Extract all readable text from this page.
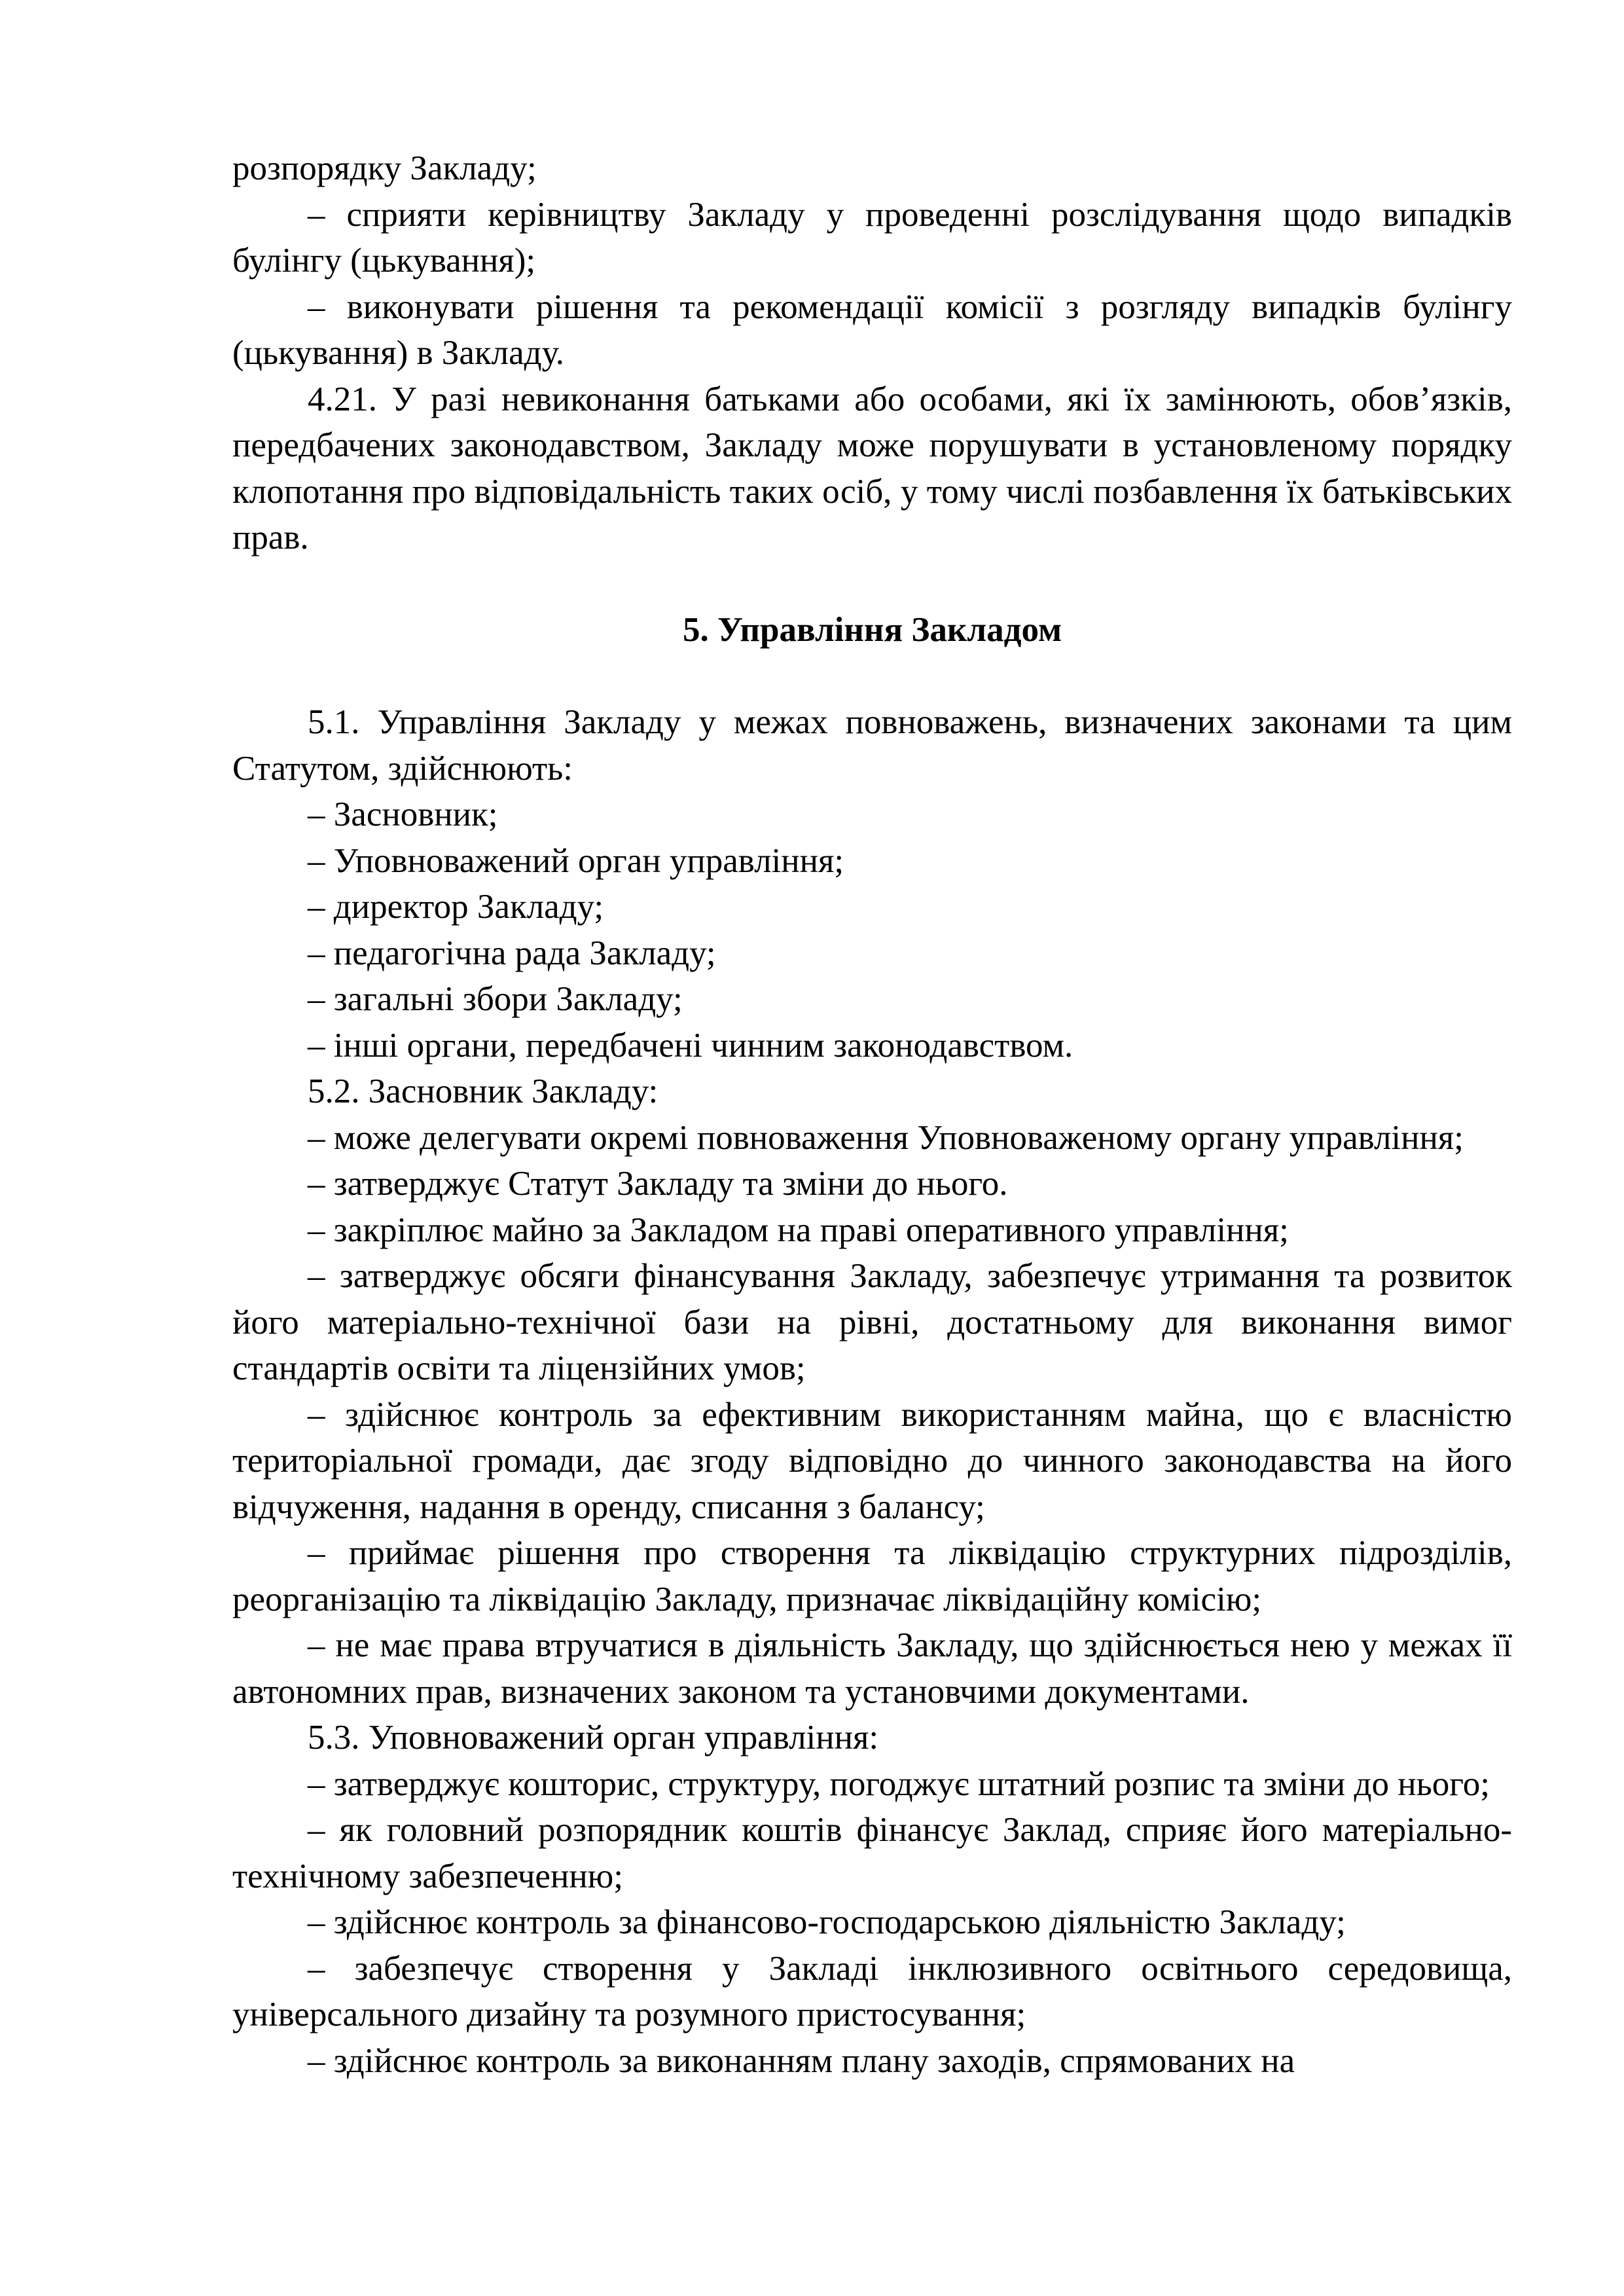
розпорядку Закладу;

– сприяти керівництву Закладу у проведенні розслідування щодо випадків булінгу (цькування);

– виконувати рішення та рекомендації комісії з розгляду випадків булінгу (цькування) в Закладу.

4.21. У разі невиконання батьками або особами, які їх замінюють, обов’язків, передбачених законодавством, Закладу може порушувати в установленому порядку клопотання про відповідальність таких осіб, у тому числі позбавлення їх батьківських прав.

5. Управління Закладом

5.1. Управління Закладу у межах повноважень, визначених законами та цим Статутом, здійснюють:

– Засновник;

– Уповноважений орган управління;

– директор Закладу;

– педагогічна рада Закладу;

– загальні збори Закладу;

– інші органи, передбачені чинним законодавством.

5.2. Засновник Закладу:

– може делегувати окремі повноваження Уповноваженому органу управління;

– затверджує Статут Закладу та зміни до нього.

– закріплює майно за Закладом на праві оперативного управління;

– затверджує обсяги фінансування Закладу, забезпечує утримання та розвиток його матеріально-технічної бази на рівні, достатньому для виконання вимог стандартів освіти та ліцензійних умов;

– здійснює контроль за ефективним використанням майна, що є власністю територіальної громади, дає згоду відповідно до чинного законодавства на його відчуження, надання в оренду, списання з балансу;

– приймає рішення про створення та ліквідацію структурних підрозділів, реорганізацію та ліквідацію Закладу, призначає ліквідаційну комісію;

– не має права втручатися в діяльність Закладу, що здійснюється нею у межах її автономних прав, визначених законом та установчими документами.

5.3. Уповноважений орган управління:

– затверджує кошторис, структуру, погоджує штатний розпис та зміни до нього;

– як головний розпорядник коштів фінансує Заклад, сприяє його матеріально-технічному забезпеченню;

– здійснює контроль за фінансово-господарською діяльністю Закладу;

– забезпечує створення у Закладі інклюзивного освітнього середовища, універсального дизайну та розумного пристосування;

– здійснює контроль за виконанням плану заходів, спрямованих на
